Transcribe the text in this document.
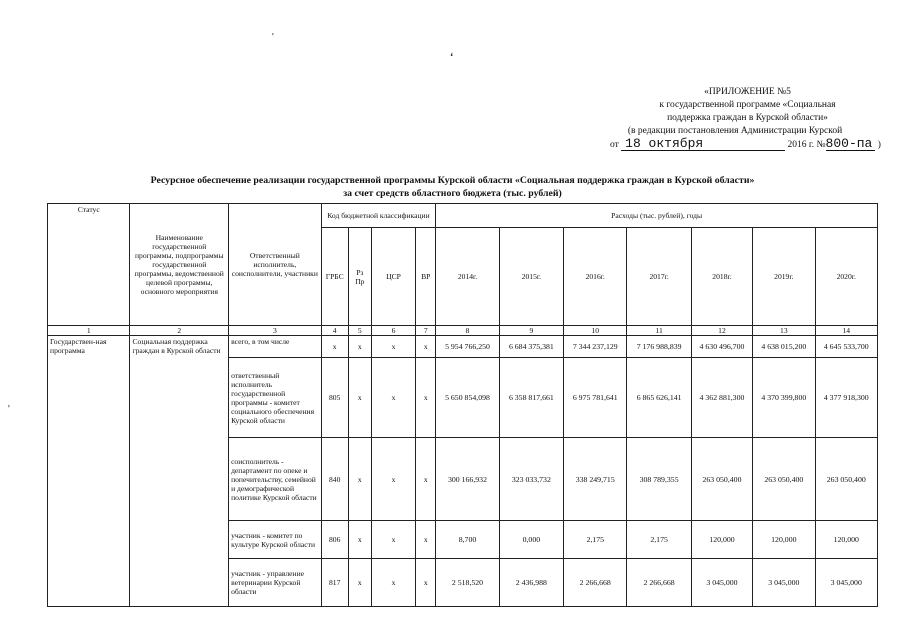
'
'
‘
«ПРИЛОЖЕНИЕ №5
к государственной программе «Социальная
поддержка граждан в Курской области»
(в редакции постановления Администрации Курской
от 18 октября	2016 г. №800-па )
Ресурсное обеспечение реализации государственной программы Курской области «Социальная поддержка граждан в Курской области»
за счет средств областного бюджета (тыс. рублей)
Статус	Наименование государственной программы, подпрограммы государственной программы, ведомственной целевой программы, основного мероприятия	Ответственный исполнитель, соисполнители, участники	Код бюджетной классификации				Расходы (тыс. рублей), годы						
			ГРБС	Рз Пр	ЦСР	ВР	2014г.	2015г.	2016г.	2017г.	2018г.	2019г.	2020г.
1	2	3	4	5	6	7	8	9	10	11	12	13	14
Государствен-ная программа	Социальная поддержка граждан в Курской области	всего, в том числе	x	x	x	x	5 954 766,250	6 684 375,381	7 344 237,129	7 176 988,839	4 630 496,700	4 638 015,200	4 645 533,700
		ответственный исполнитель государственной программы - комитет социального обеспечения Курской области	805	x	x	x	5 650 854,098	6 358 817,661	6 975 781,641	6 865 626,141	4 362 881,300	4 370 399,800	4 377 918,300
		соисполнитель - департамент по опеке и попечительству, семейной и демографической политике Курской области	840	x	x	x	300 166,932	323 033,732	338 249,715	308 789,355	263 050,400	263 050,400	263 050,400
		участник - комитет по культуре Курской области	806	x	x	x	8,700	0,000	2,175	2,175	120,000	120,000	120,000
		участник - управление ветеринарии Курской области	817	x	x	x	2 518,520	2 436,988	2 266,668	2 266,668	3 045,000	3 045,000	3 045,000
